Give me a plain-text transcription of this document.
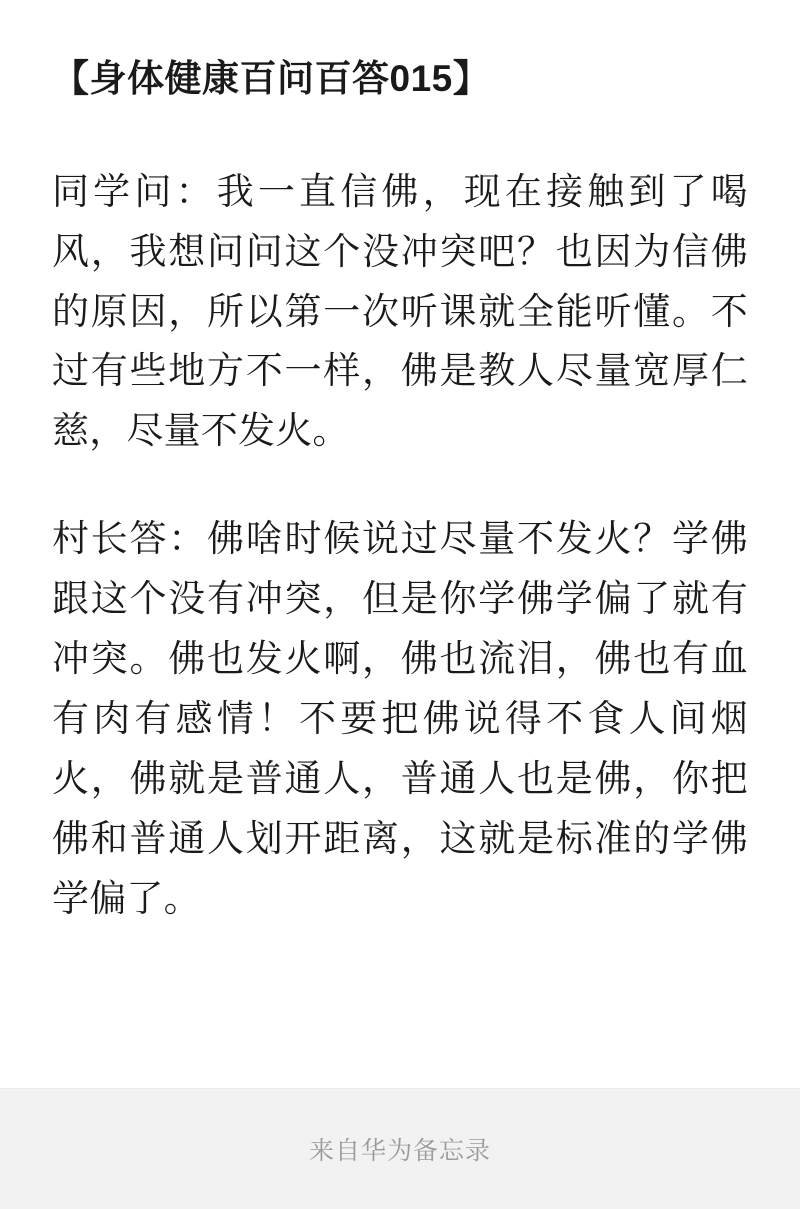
【身体健康百问百答015】

同学问：我一直信佛，现在接触到了喝风，我想问问这个没冲突吧？也因为信佛的原因，所以第一次听课就全能听懂。不过有些地方不一样，佛是教人尽量宽厚仁慈，尽量不发火。

村长答：佛啥时候说过尽量不发火？学佛跟这个没有冲突，但是你学佛学偏了就有冲突。佛也发火啊，佛也流泪，佛也有血有肉有感情！不要把佛说得不食人间烟火，佛就是普通人，普通人也是佛，你把佛和普通人划开距离，这就是标准的学佛学偏了。

来自华为备忘录
